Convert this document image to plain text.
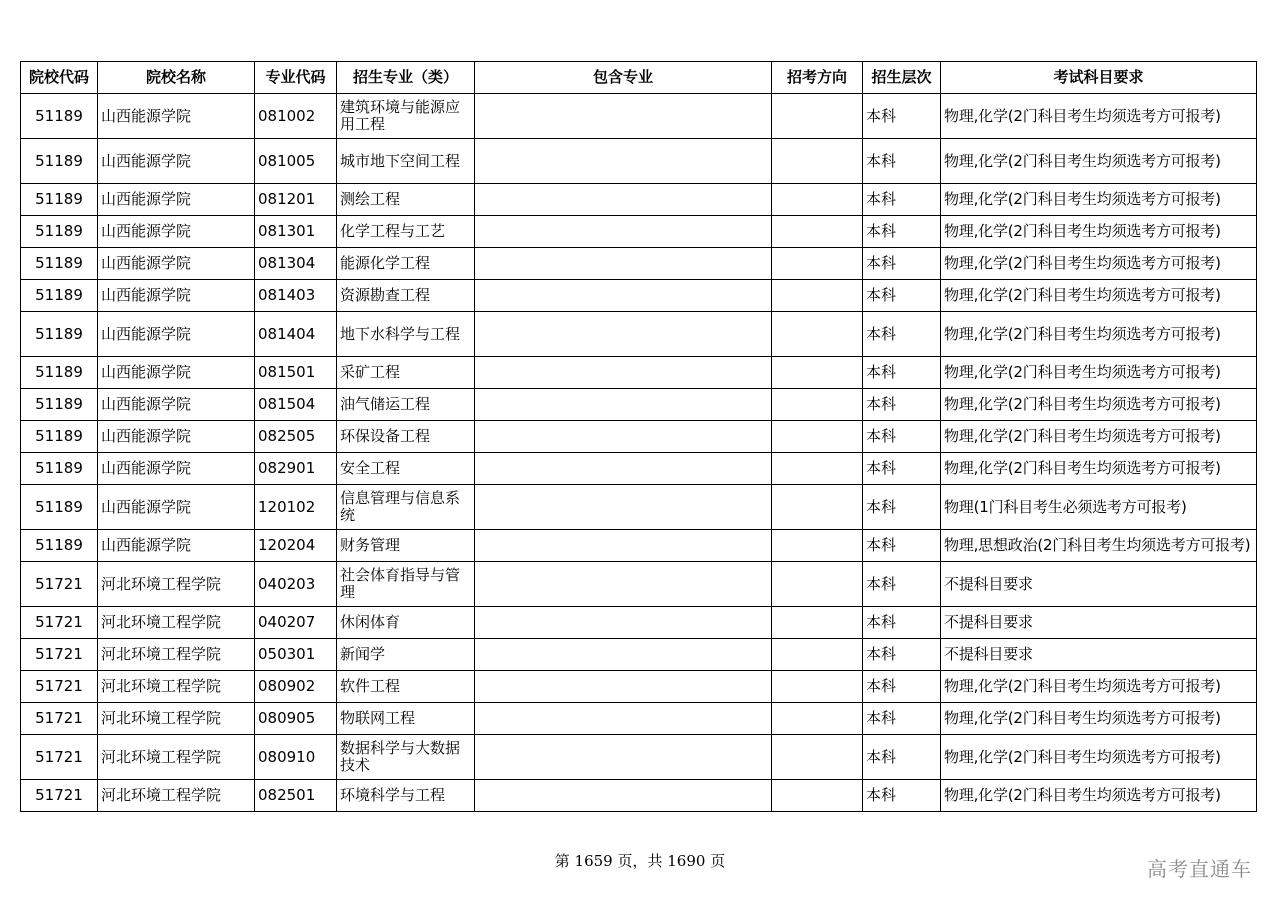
院校代码	院校名称	专业代码	招生专业（类）	包含专业	招考方向	招生层次	考试科目要求
51189	山西能源学院	081002	建筑环境与能源应用工程			本科	物理,化学(2门科目考生均须选考方可报考)
51189	山西能源学院	081005	城市地下空间工程			本科	物理,化学(2门科目考生均须选考方可报考)
51189	山西能源学院	081201	测绘工程			本科	物理,化学(2门科目考生均须选考方可报考)
51189	山西能源学院	081301	化学工程与工艺			本科	物理,化学(2门科目考生均须选考方可报考)
51189	山西能源学院	081304	能源化学工程			本科	物理,化学(2门科目考生均须选考方可报考)
51189	山西能源学院	081403	资源勘查工程			本科	物理,化学(2门科目考生均须选考方可报考)
51189	山西能源学院	081404	地下水科学与工程			本科	物理,化学(2门科目考生均须选考方可报考)
51189	山西能源学院	081501	采矿工程			本科	物理,化学(2门科目考生均须选考方可报考)
51189	山西能源学院	081504	油气储运工程			本科	物理,化学(2门科目考生均须选考方可报考)
51189	山西能源学院	082505	环保设备工程			本科	物理,化学(2门科目考生均须选考方可报考)
51189	山西能源学院	082901	安全工程			本科	物理,化学(2门科目考生均须选考方可报考)
51189	山西能源学院	120102	信息管理与信息系统			本科	物理(1门科目考生必须选考方可报考)
51189	山西能源学院	120204	财务管理			本科	物理,思想政治(2门科目考生均须选考方可报考)
51721	河北环境工程学院	040203	社会体育指导与管理			本科	不提科目要求
51721	河北环境工程学院	040207	休闲体育			本科	不提科目要求
51721	河北环境工程学院	050301	新闻学			本科	不提科目要求
51721	河北环境工程学院	080902	软件工程			本科	物理,化学(2门科目考生均须选考方可报考)
51721	河北环境工程学院	080905	物联网工程			本科	物理,化学(2门科目考生均须选考方可报考)
51721	河北环境工程学院	080910	数据科学与大数据技术			本科	物理,化学(2门科目考生均须选考方可报考)
51721	河北环境工程学院	082501	环境科学与工程			本科	物理,化学(2门科目考生均须选考方可报考)
第 1659 页，共 1690 页	高考直通车
